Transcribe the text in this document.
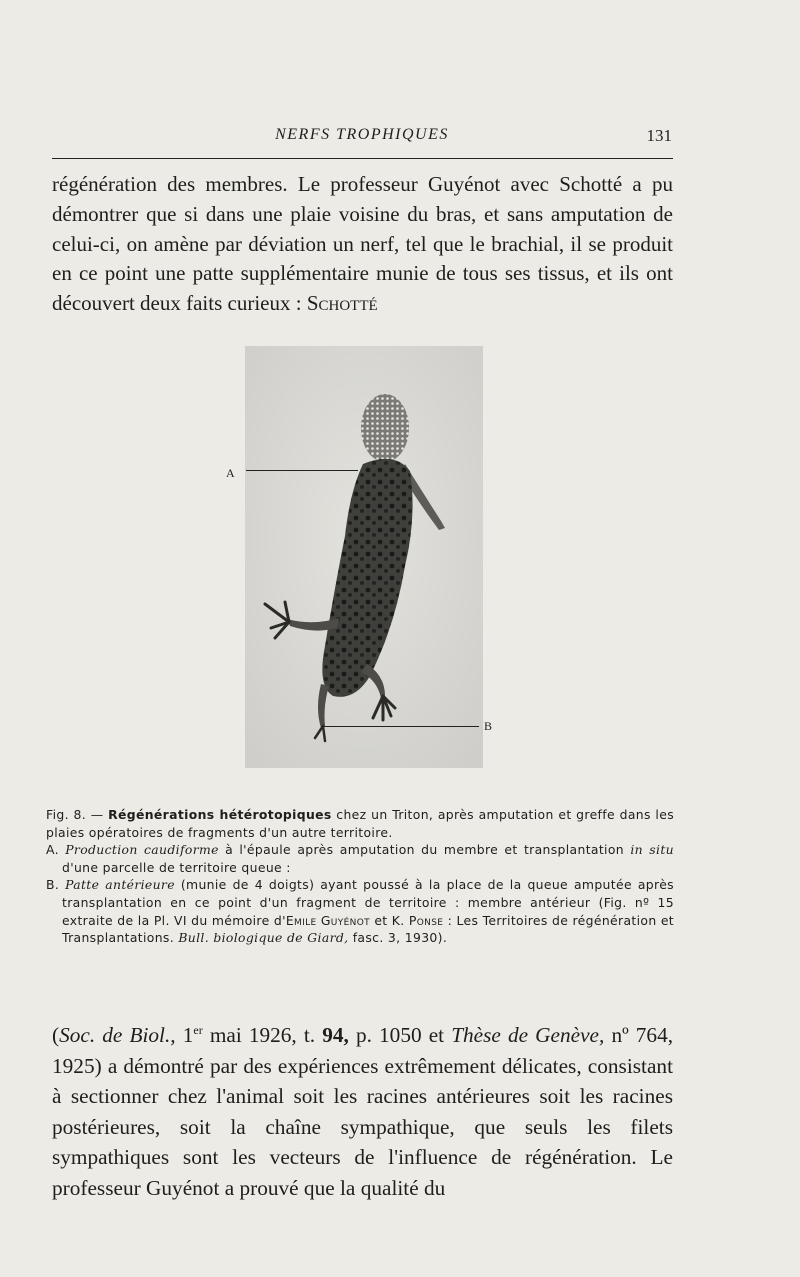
NERFS TROPHIQUES	131

régénération des membres. Le professeur Guyénot avec Schotté a pu démontrer que si dans une plaie voisine du bras, et sans amputation de celui-ci, on amène par déviation un nerf, tel que le brachial, il se produit en ce point une patte supplémentaire munie de tous ses tissus, et ils ont découvert deux faits curieux : Schotté

A
B

Fig. 8. — Régénérations hétérotopiques chez un Triton, après amputation et greffe dans les plaies opératoires de fragments d'un autre territoire.

A. Production caudiforme à l'épaule après amputation du membre et transplantation in situ d'une parcelle de territoire queue :

B. Patte antérieure (munie de 4 doigts) ayant poussé à la place de la queue amputée après transplantation en ce point d'un fragment de territoire : membre antérieur (Fig. nº 15 extraite de la Pl. VI du mémoire d'Emile Guyénot et K. Ponse : Les Territoires de régénération et Transplantations. Bull. biologique de Giard, fasc. 3, 1930).

(Soc. de Biol., 1er mai 1926, t. 94, p. 1050 et Thèse de Genève, nº 764, 1925) a démontré par des expériences extrêmement délicates, consistant à sectionner chez l'animal soit les racines antérieures soit les racines postérieures, soit la chaîne sympathique, que seuls les filets sympathiques sont les vecteurs de l'influence de régénération. Le professeur Guyénot a prouvé que la qualité du
